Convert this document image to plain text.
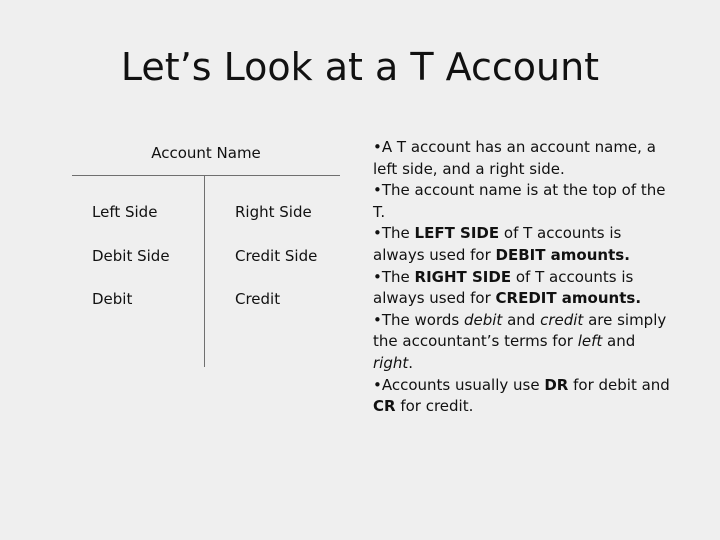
Let’s Look at a T Account
Account Name
Left Side	Right Side
Debit Side	Credit Side
Debit	Credit
•A T account has an account name, a left side, and a right side.
•The account name is at the top of the T.
•The LEFT SIDE of T accounts is always used for DEBIT amounts.
•The RIGHT SIDE of T accounts is always used for CREDIT amounts.
•The words debit and credit are simply the accountant’s terms for left and right.
•Accounts usually use DR for debit and CR for credit.
